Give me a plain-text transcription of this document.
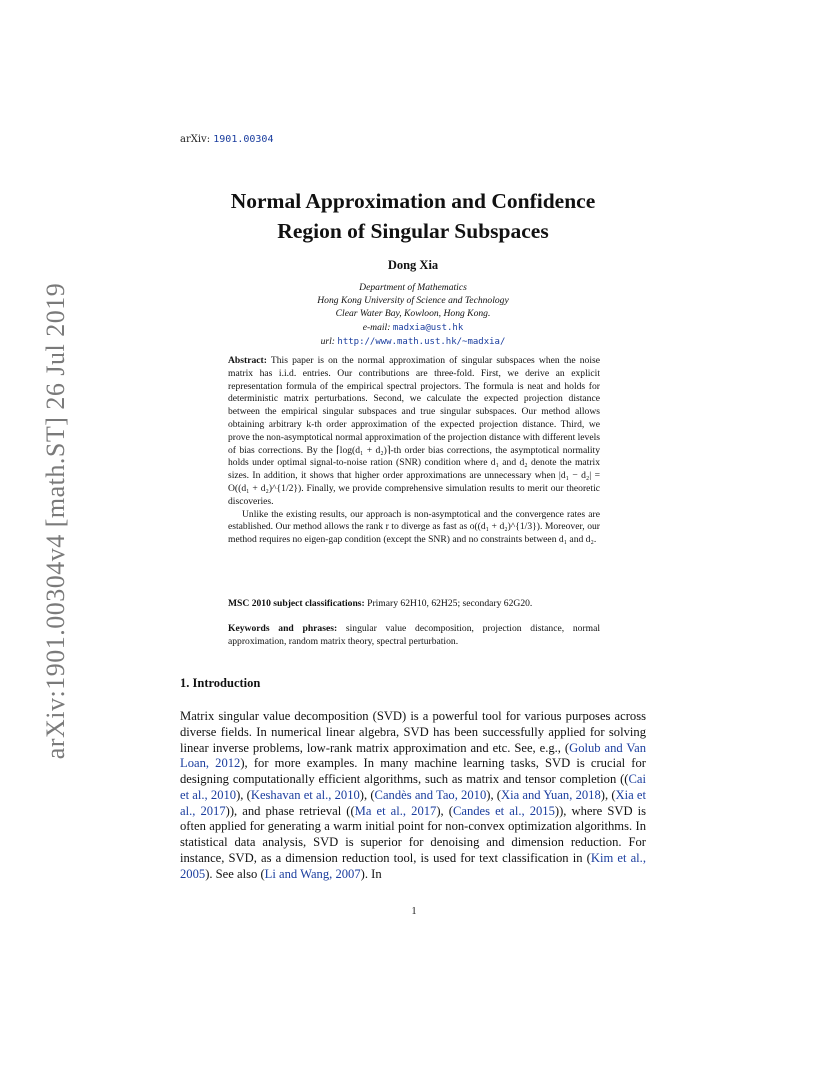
arXiv: 1901.00304
arXiv:1901.00304v4 [math.ST] 26 Jul 2019
Normal Approximation and Confidence
Region of Singular Subspaces
Dong Xia
Department of Mathematics
Hong Kong University of Science and Technology
Clear Water Bay, Kowloon, Hong Kong.
e-mail: madxia@ust.hk
url: http://www.math.ust.hk/~madxia/

Abstract: This paper is on the normal approximation of singular subspaces when the noise matrix has i.i.d. entries. Our contributions are three-fold. First, we derive an explicit representation formula of the empirical spectral projectors. The formula is neat and holds for deterministic matrix perturbations. Second, we calculate the expected projection distance between the empirical singular subspaces and true singular subspaces. Our method allows obtaining arbitrary k-th order approximation of the expected projection distance. Third, we prove the non-asymptotical normal approximation of the projection distance with different levels of bias corrections. By the ⌈log(d₁ + d₂)⌉-th order bias corrections, the asymptotical normality holds under optimal signal-to-noise ration (SNR) condition where d₁ and d₂ denote the matrix sizes. In addition, it shows that higher order approximations are unnecessary when |d₁ − d₂| = O((d₁ + d₂)^{1/2}). Finally, we provide comprehensive simulation results to merit our theoretic discoveries.

Unlike the existing results, our approach is non-asymptotical and the convergence rates are established. Our method allows the rank r to diverge as fast as o((d₁ + d₂)^{1/3}). Moreover, our method requires no eigen-gap condition (except the SNR) and no constraints between d₁ and d₂.

MSC 2010 subject classifications: Primary 62H10, 62H25; secondary 62G20.
Keywords and phrases: singular value decomposition, projection distance, normal approximation, random matrix theory, spectral perturbation.
1. Introduction
Matrix singular value decomposition (SVD) is a powerful tool for various purposes across diverse fields. In numerical linear algebra, SVD has been successfully applied for solving linear inverse problems, low-rank matrix approximation and etc. See, e.g., (Golub and Van Loan, 2012), for more examples. In many machine learning tasks, SVD is crucial for designing computationally efficient algorithms, such as matrix and tensor completion ((Cai et al., 2010), (Keshavan et al., 2010), (Candès and Tao, 2010), (Xia and Yuan, 2018), (Xia et al., 2017)), and phase retrieval ((Ma et al., 2017), (Candes et al., 2015)), where SVD is often applied for generating a warm initial point for non-convex optimization algorithms. In statistical data analysis, SVD is superior for denoising and dimension reduction. For instance, SVD, as a dimension reduction tool, is used for text classification in (Kim et al., 2005). See also (Li and Wang, 2007). In
1
